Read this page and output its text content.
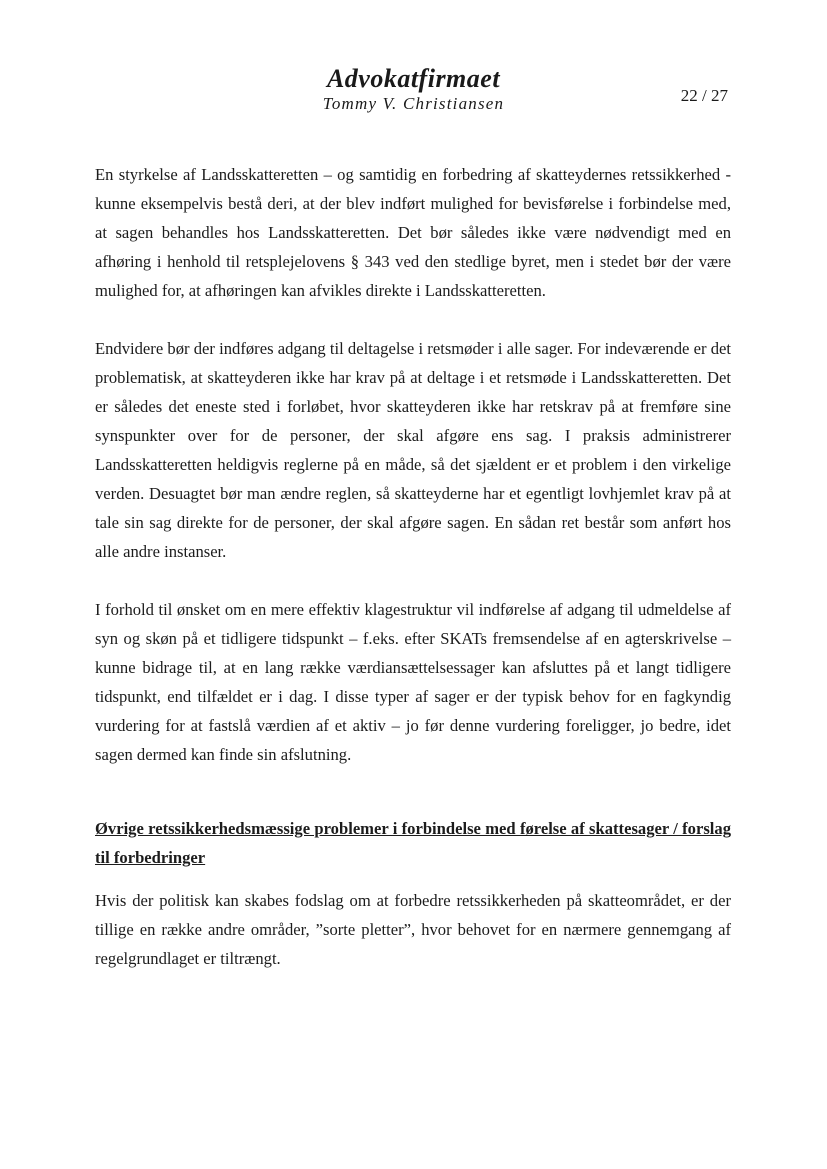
Advokatfirmaet
Tommy V. Christiansen	22 / 27

En styrkelse af Landsskatteretten – og samtidig en forbedring af skatteydernes retssikkerhed - kunne eksempelvis bestå deri, at der blev indført mulighed for bevisførelse i forbindelse med, at sagen behandles hos Landsskatteretten. Det bør således ikke være nødvendigt med en afhøring i henhold til retsplejelovens § 343 ved den stedlige byret, men i stedet bør der være mulighed for, at afhøringen kan afvikles direkte i Landsskatteretten.

Endvidere bør der indføres adgang til deltagelse i retsmøder i alle sager. For indeværende er det problematisk, at skatteyderen ikke har krav på at deltage i et retsmøde i Landsskatteretten. Det er således det eneste sted i forløbet, hvor skatteyderen ikke har retskrav på at fremføre sine synspunkter over for de personer, der skal afgøre ens sag. I praksis administrerer Landsskatteretten heldigvis reglerne på en måde, så det sjældent er et problem i den virkelige verden. Desuagtet bør man ændre reglen, så skatteyderne har et egentligt lovhjemlet krav på at tale sin sag direkte for de personer, der skal afgøre sagen. En sådan ret består som anført hos alle andre instanser.

I forhold til ønsket om en mere effektiv klagestruktur vil indførelse af adgang til udmeldelse af syn og skøn på et tidligere tidspunkt – f.eks. efter SKATs fremsendelse af en agterskrivelse – kunne bidrage til, at en lang række værdiansættelsessager kan afsluttes på et langt tidligere tidspunkt, end tilfældet er i dag. I disse typer af sager er der typisk behov for en fagkyndig vurdering for at fastslå værdien af et aktiv – jo før denne vurdering foreligger, jo bedre, idet sagen dermed kan finde sin afslutning.

Øvrige retssikkerhedsmæssige problemer i forbindelse med førelse af skattesager / forslag til forbedringer

Hvis der politisk kan skabes fodslag om at forbedre retssikkerheden på skatteområdet, er der tillige en række andre områder, ”sorte pletter”, hvor behovet for en nærmere gennemgang af regelgrundlaget er tiltrængt.
